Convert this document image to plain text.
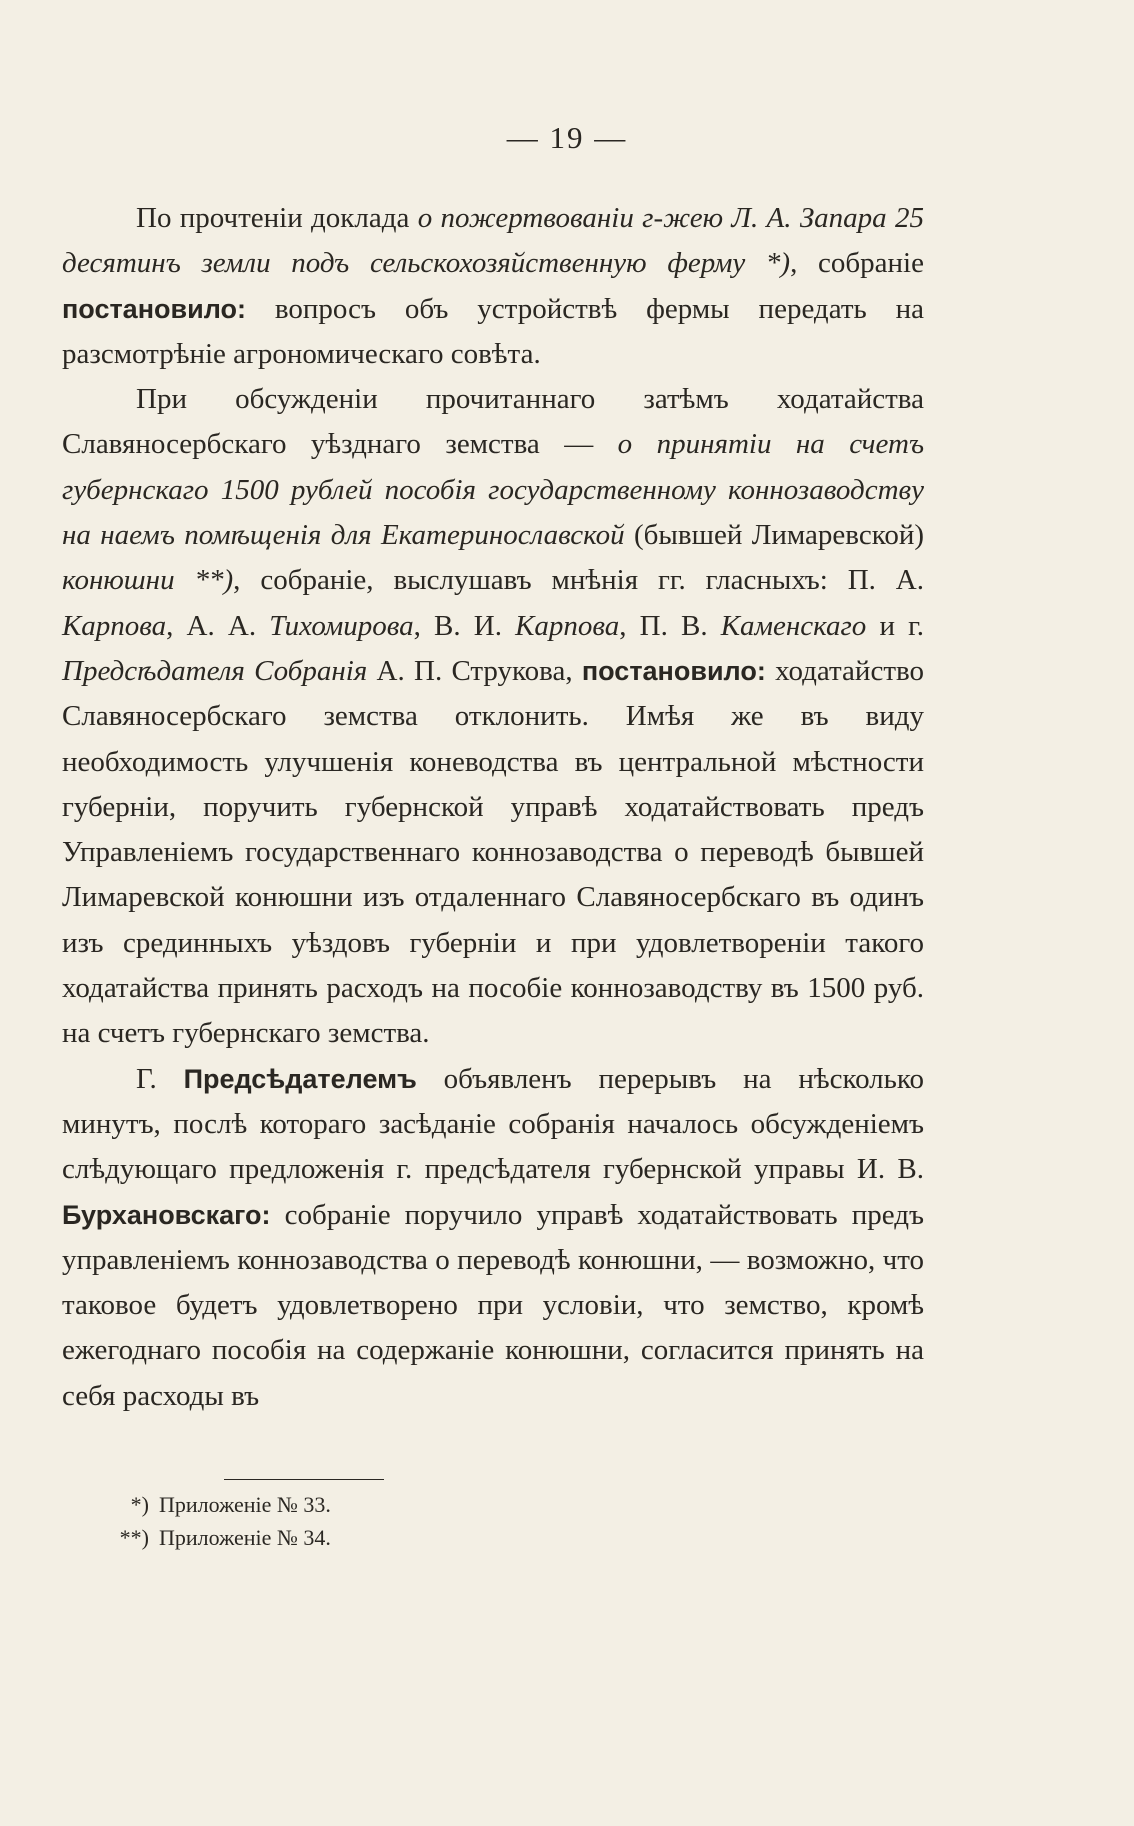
— 19 —

По прочтеніи доклада о пожертвованіи г-жею Л. А. Запара 25 десятинъ земли подъ сельскохозяйственную ферму *), собраніе постановило: вопросъ объ устройствѣ фермы передать на разсмотрѣніе агрономическаго совѣта.

При обсужденіи прочитаннаго затѣмъ ходатайства Славяносербскаго уѣзднаго земства — о принятіи на счетъ губернскаго 1500 рублей пособія государственному коннозаводству на наемъ помѣщенія для Екатеринославской (бывшей Лимаревской) конюшни **), собраніе, выслушавъ мнѣнія гг. гласныхъ: П. А. Карпова, А. А. Тихомирова, В. И. Карпова, П. В. Каменскаго и г. Предсѣдателя Собранія А. П. Струкова, постановило: ходатайство Славяносербскаго земства отклонить. Имѣя же въ виду необходимость улучшенія коневодства въ центральной мѣстности губерніи, поручить губернской управѣ ходатайствовать предъ Управленіемъ государственнаго коннозаводства о переводѣ бывшей Лимаревской конюшни изъ отдаленнаго Славяносербскаго въ одинъ изъ срединныхъ уѣздовъ губерніи и при удовлетвореніи такого ходатайства принять расходъ на пособіе коннозаводству въ 1500 руб. на счетъ губернскаго земства.

Г. Предсѣдателемъ объявленъ перерывъ на нѣсколько минутъ, послѣ котораго засѣданіе собранія началось обсужденіемъ слѣдующаго предложенія г. предсѣдателя губернской управы И. В. Бурхановскаго: собраніе поручило управѣ ходатайствовать предъ управленіемъ коннозаводства о переводѣ конюшни, — возможно, что таковое будетъ удовлетворено при условіи, что земство, кромѣ ежегоднаго пособія на содержаніе конюшни, согласится принять на себя расходы въ

*) Приложеніе № 33.
**) Приложеніе № 34.
